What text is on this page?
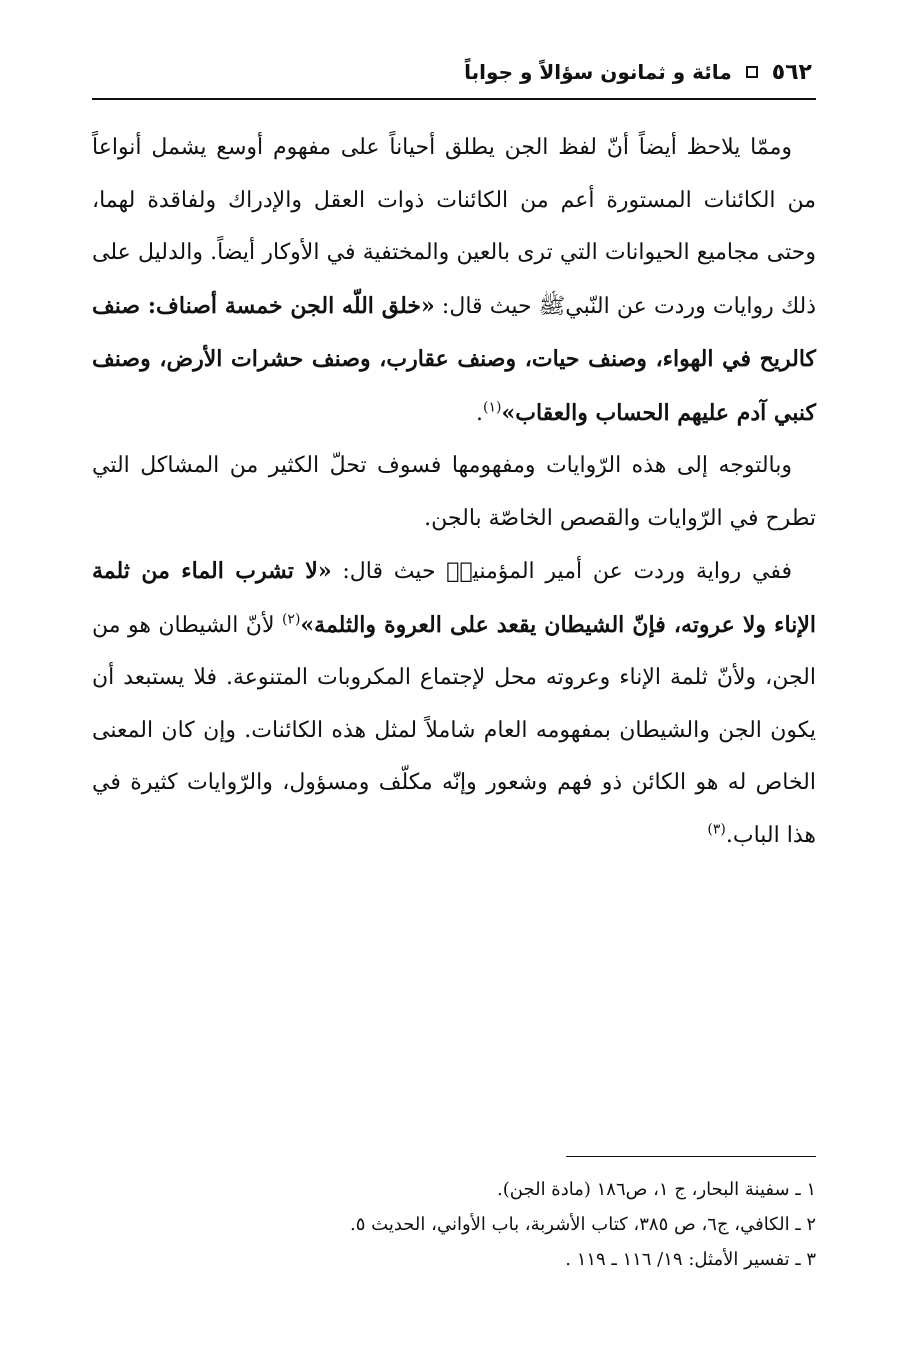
٥٦٢
مائة و ثمانون سؤالاً و جواباً

وممّا يلاحظ أيضاً أنّ لفظ الجن يطلق أحياناً على مفهوم أوسع يشمل أنواعاً من الكائنات المستورة أعم من الكائنات ذوات العقل والإدراك ولفاقدة لهما، وحتى مجاميع الحيوانات التي ترى بالعين والمختفية في الأوكار أيضاً. والدليل على ذلك روايات وردت عن النّبيﷺ حيث قال: «خلق اللّه الجن خمسة أصناف: صنف كالريح في الهواء، وصنف حيات، وصنف عقارب، وصنف حشرات الأرض، وصنف كنبي آدم عليهم الحساب والعقاب»$^{(١)}$.

وبالتوجه إلى هذه الرّوايات ومفهومها فسوف تحلّ الكثير من المشاكل التي تطرح في الرّوايات والقصص الخاصّة بالجن.

ففي رواية وردت عن أمير المؤمنينؑ حيث قال: «لا تشرب الماء من ثلمة الإناء ولا عروته، فإنّ الشيطان يقعد على العروة والثلمة»$^{(٢)}$ لأنّ الشيطان هو من الجن، ولأنّ ثلمة الإناء وعروته محل لإجتماع المكروبات المتنوعة. فلا يستبعد أن يكون الجن والشيطان بمفهومه العام شاملاً لمثل هذه الكائنات. وإن كان المعنى الخاص له هو الكائن ذو فهم وشعور وإنّه مكلّف ومسؤول، والرّوايات كثيرة في هذا الباب.$^{(٣)}$

١ ـ سفينة البحار، ج ١، ص١٨٦ (مادة الجن).

٢ ـ الكافي، ج٦، ص ٣٨٥، كتاب الأشربة، باب الأواني، الحديث ٥.

٣ ـ تفسير الأمثل: ١٩/ ١١٦ ـ ١١٩ .
